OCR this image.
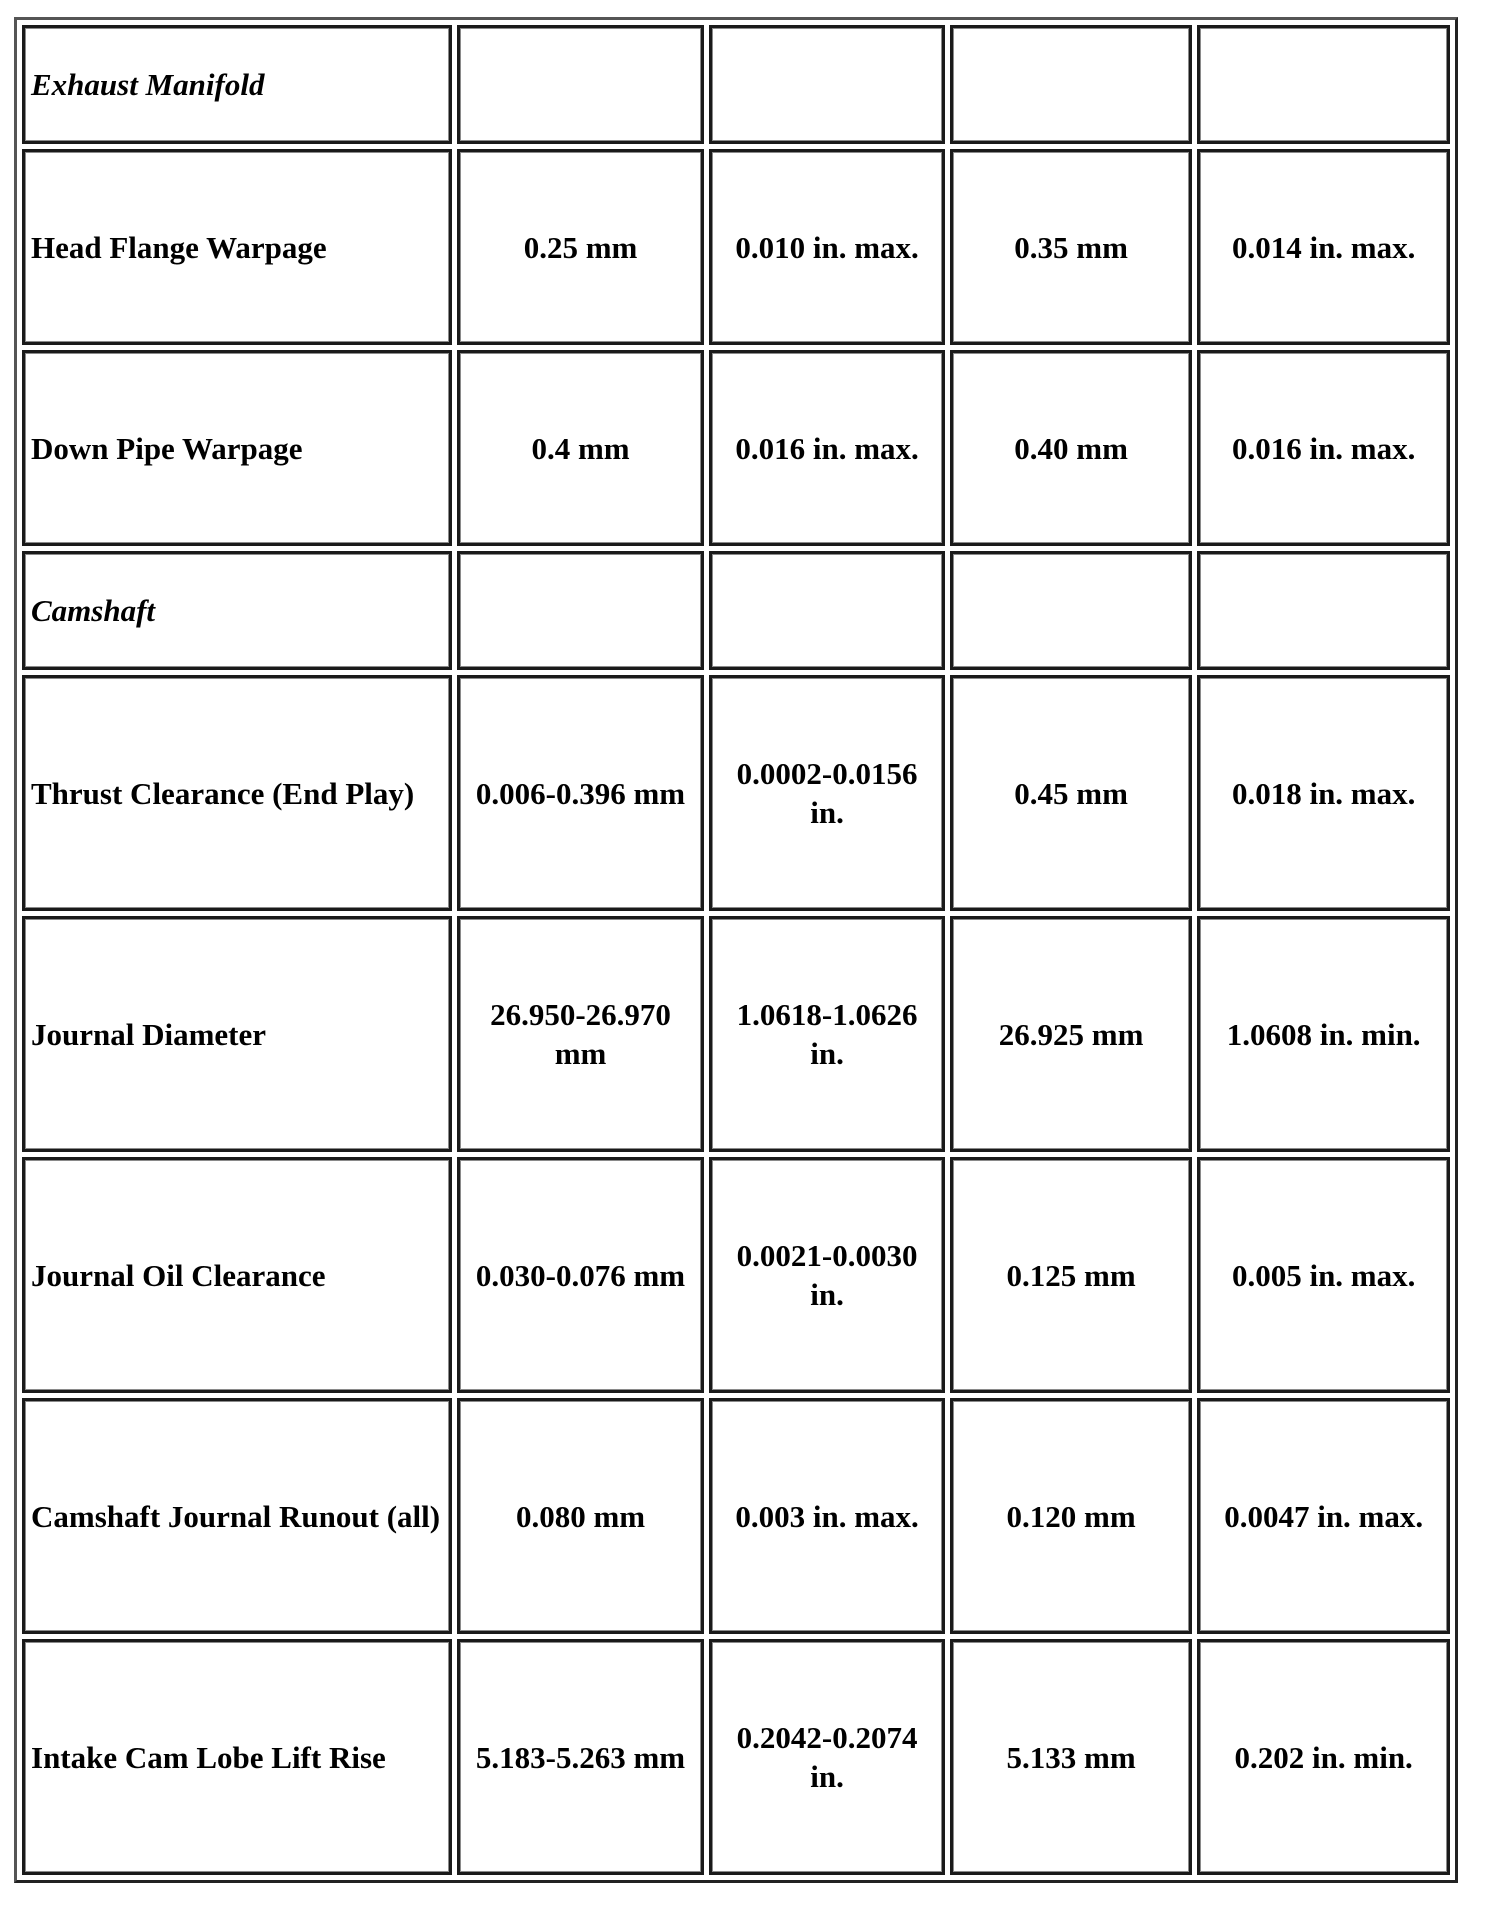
Exhaust Manifold				
Head Flange Warpage	0.25 mm	0.010 in. max.	0.35 mm	0.014 in. max.
Down Pipe Warpage	0.4 mm	0.016 in. max.	0.40 mm	0.016 in. max.
Camshaft				
Thrust Clearance (End Play)	0.006-0.396 mm	0.0002-0.0156 in.	0.45 mm	0.018 in. max.
Journal Diameter	26.950-26.970 mm	1.0618-1.0626 in.	26.925 mm	1.0608 in. min.
Journal Oil Clearance	0.030-0.076 mm	0.0021-0.0030 in.	0.125 mm	0.005 in. max.
Camshaft Journal Runout (all)	0.080 mm	0.003 in. max.	0.120 mm	0.0047 in. max.
Intake Cam Lobe Lift Rise	5.183-5.263 mm	0.2042-0.2074 in.	5.133 mm	0.202 in. min.
